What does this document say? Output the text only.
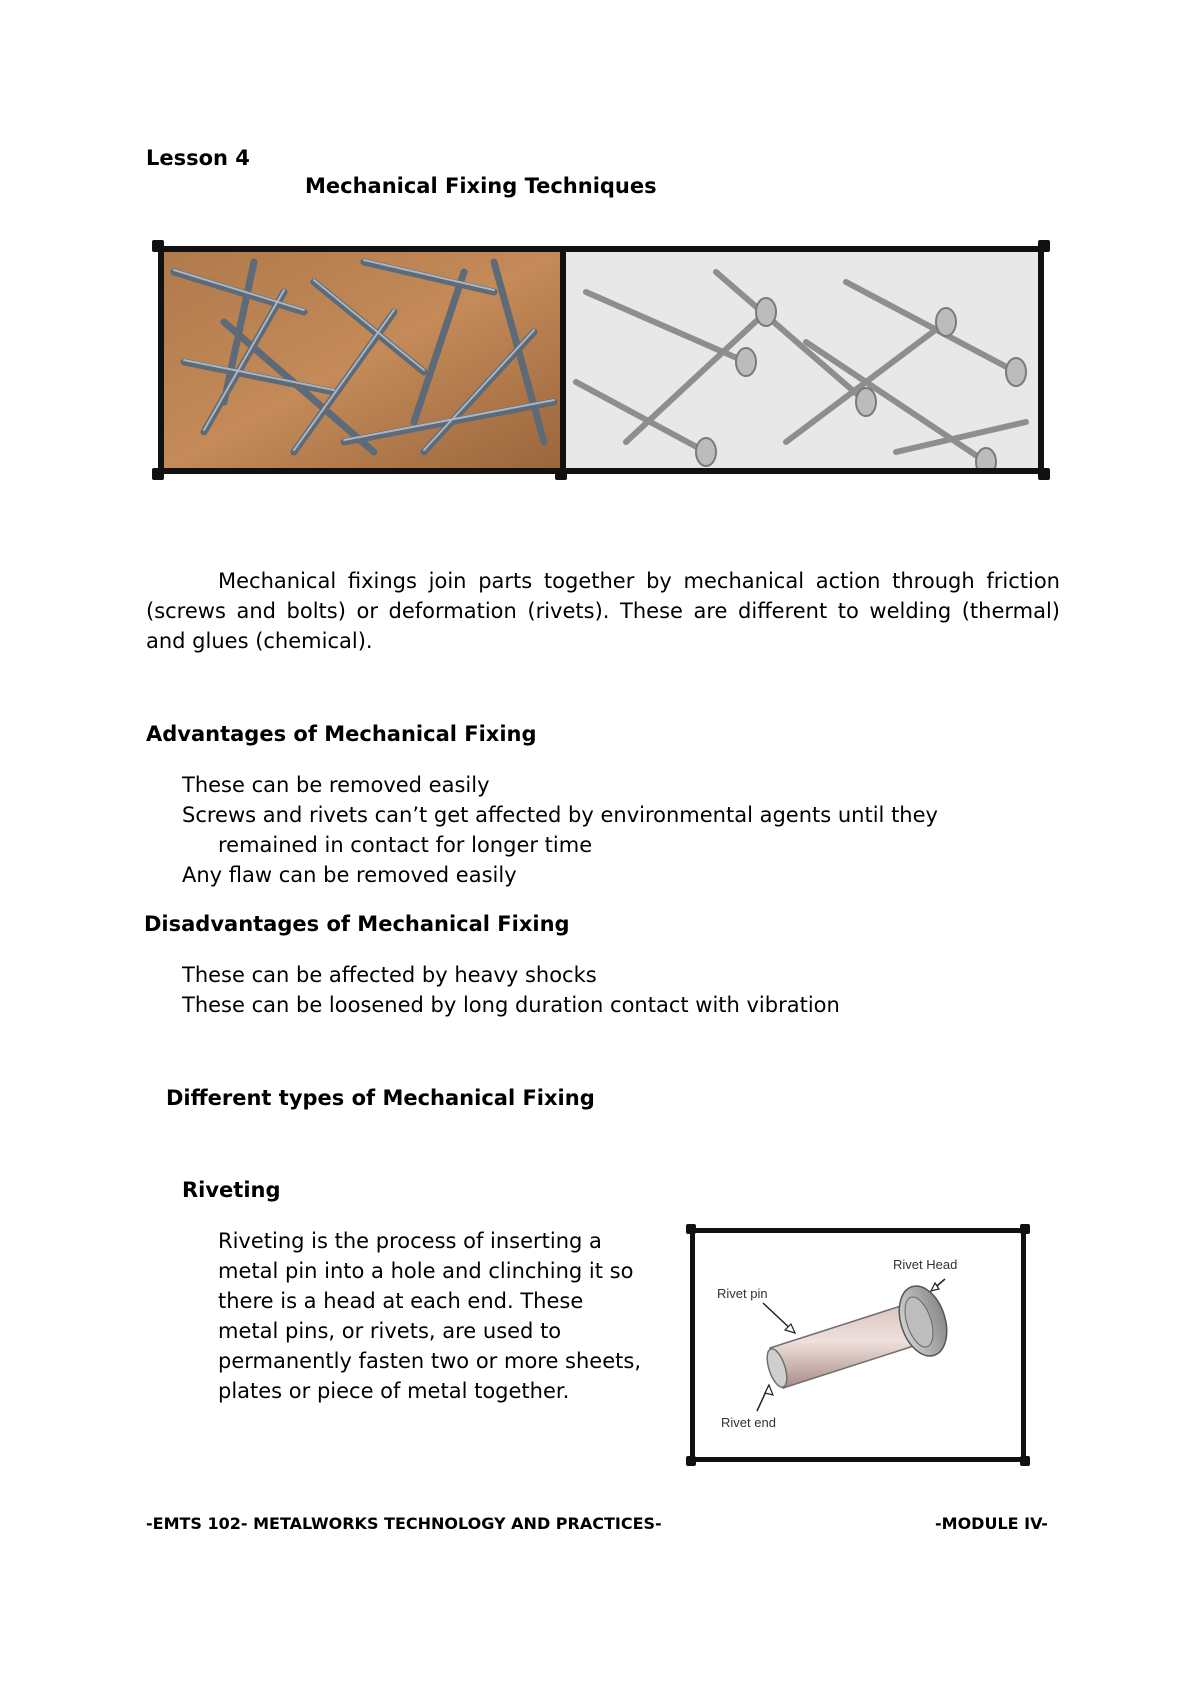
Lesson 4
Mechanical Fixing Techniques
Mechanical fixings join parts together by mechanical action through friction (screws and bolts) or deformation (rivets). These are different to welding (thermal) and glues (chemical).
Advantages of Mechanical Fixing
These can be removed easily
Screws and rivets can’t get affected by environmental agents until they
remained in contact for longer time
Any flaw can be removed easily
Disadvantages of Mechanical Fixing
These can be affected by heavy shocks
These can be loosened by long duration contact with vibration
Different types of Mechanical Fixing
Riveting
Riveting is the process of inserting a
metal pin into a hole and clinching it so
there is a head at each end. These
metal pins, or rivets, are used to
permanently fasten two or more sheets,
plates or piece of metal together.
Rivet Head
Rivet pin
Rivet end
-EMTS 102- METALWORKS TECHNOLOGY AND PRACTICES-	-MODULE IV-
